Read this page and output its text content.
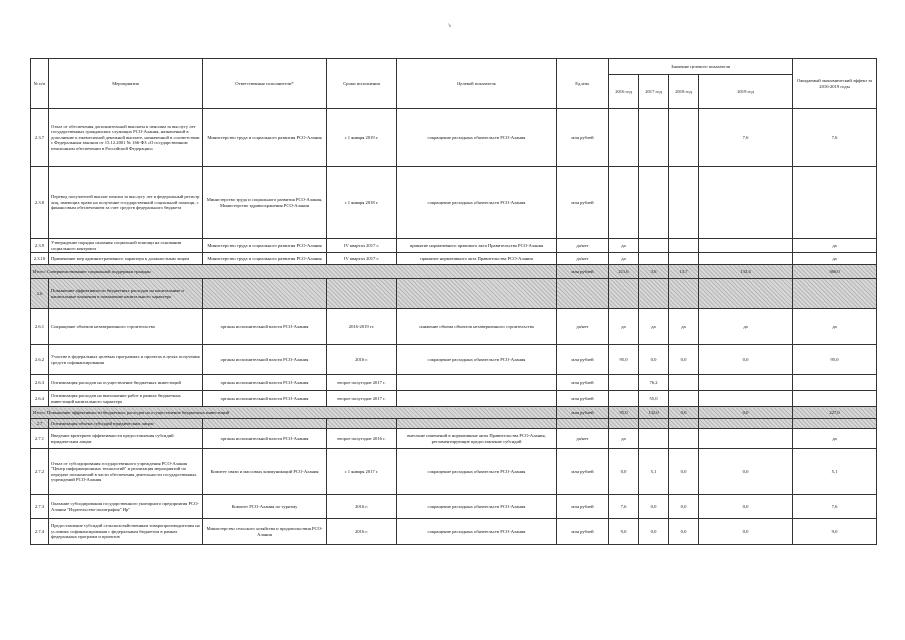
's
№ п/п	Мероприятия	Ответственные исполнители*	Сроки исполнения	Целевой показатель	Ед.изм.	Значение целевого показателя				Ожидаемый экономический эффект за 2016-2019 годы
						2016 год	2017 год	2018 год	2019 год	
2.3.7	Отказ от обеспечения дополнительной выплаты к пенсиям за выслугу лет государственных гражданских служащих РСО-Алания, назначенной в дополнение к ежемесячной денежной выплате, назначенной в соответствии с Федеральным законом от 15.12.2001 № 166-ФЗ «О государственном пенсионном обеспечении в Российской Федерации»	Министерство труда и социального развития РСО-Алания	с 1 января 2019 г.	сокращение расходных обязательств РСО-Алания	млн рублей				7,6	7,6
2.3.8	Перевод получателей выплат пенсии за выслугу лет в федеральный регистр лиц, имеющих право на получение государственной социальной помощи, с финансовым обеспечением за счет средств федерального бюджета	Министерство труда и социального развития РСО-Алания, Министерство здравоохранения РСО-Алания	с 1 января 2018 г.	сокращение расходных обязательств РСО-Алания	млн рублей					
2.3.9	Утверждение порядка оказания социальной помощи на основании социального контракта	Министерство труда и социального развития РСО-Алания	IV квартал 2017 г.	принятие нормативного правового акта Правительства РСО-Алания	да/нет	да				да
2.3.10	Применение мер административного характера к должностным лицам	Министерство труда и социального развития РСО-Алания	IV квартал 2017 г.	принятие нормативного акта Правительства РСО-Алания	да/нет	да				да
Итого: Совершенствование социальной поддержки граждан					млн рублей	211,6	3,6	13,7	133,4	366,0
2.6	Повышение эффективности бюджетных расходов на капитальные и капитальные вложения в повышение капитального характера									
2.6.1	Сокращение объемов незавершенного строительства	органы исполнительной власти РСО-Алания	2016-2019 гг.	снижение объема объектов незавершенного строительства	да/нет	да	да	да	да	да
2.6.2	Участие в федеральных целевых программах и проектах в целях получения средств софинансирования	органы исполнительной власти РСО-Алания	2016 г.	сокращение расходных обязательств РСО-Алания	млн рублей	95,0	0,0	0,0	0,0	95,0
2.6.3	Оптимизация расходов на осуществление бюджетных инвестиций	органы исполнительной власти РСО-Алания	второе полугодие 2017 г.		млн рублей		76,2			
2.6.4	Оптимизация расходов на выполнение работ в рамках бюджетных инвестиций капитального характера	органы исполнительной власти РСО-Алания	второе полугодие 2017 г.		млн рублей		55,0			
Итого: Повышение эффективности бюджетных расходов на осуществление бюджетных инвестиций					млн рублей	95,0	132,0	0,0	0,0	227,0
2.7	Оптимизация объема субсидий юридическим лицам									
2.7.1	Введение критериев эффективности предоставления субсидий юридическим лицам	органы исполнительной власти РСО-Алания	второе полугодие 2016 г.	внесение изменений в нормативные акты Правительства РСО-Алания, регламентирующие предоставление субсидий	да/нет	да				да
2.7.2	Отказ от субсидирования государственного учреждения РСО-Алания "Центр информационных технологий" и реализация мероприятий по передаче полномочий в части обеспечения деятельности государственных учреждений РСО-Алания	Комитет связи и массовых коммуникаций РСО-Алания	с 1 января 2017 г.	сокращение расходных обязательств РСО-Алания	млн рублей	0,0	5,1	0,0	0,0	5,1
2.7.3	Оказание субсидирования государственного унитарного предприятия РСО-Алания "Издательство-полиграфия" Ир"	Комитет РСО-Алания по туризму	2016 г.	сокращение расходных обязательств РСО-Алания	млн рублей	7,6	0,0	0,0	0,0	7,6
2.7.4	Предоставление субсидий сельскохозяйственным товаропроизводителям на условиях софинансирования с федеральным бюджетом в рамках федеральных программ и проектов	Министерство сельского хозяйства и продовольствия РСО-Алания	2016 г.	сокращение расходных обязательств РСО-Алания	млн рублей	9,0	0,0	0,0	0,0	9,0
